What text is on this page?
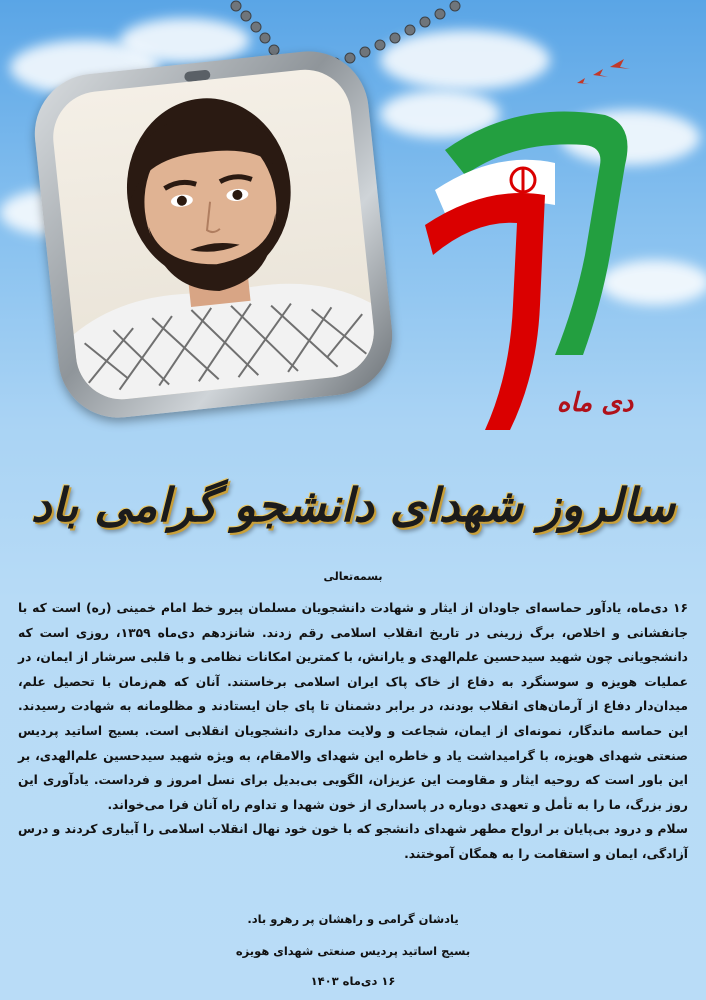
دی ماه
سالروز شهدای دانشجو گرامی باد
بسمه‌تعالی

۱۶ دی‌ماه، یادآور حماسه‌ای جاودان از ایثار و شهادت دانشجویان مسلمان پیرو خط امام خمینی (ره) است که با جانفشانی و اخلاص، برگ زرینی در تاریخ انقلاب اسلامی رقم زدند. شانزدهم دی‌ماه ۱۳۵۹، روزی است که دانشجویانی چون شهید سیدحسین علم‌الهدی و یارانش، با کمترین امکانات نظامی و با قلبی سرشار از ایمان، در عملیات هویزه و سوسنگرد به دفاع از خاک پاک ایران اسلامی برخاستند. آنان که هم‌زمان با تحصیل علم، میدان‌دار دفاع از آرمان‌های انقلاب بودند، در برابر دشمنان تا پای جان ایستادند و مظلومانه به شهادت رسیدند. این حماسه ماندگار، نمونه‌ای از ایمان، شجاعت و ولایت مداری دانشجویان انقلابی است. بسیج اساتید پردیس صنعتی شهدای هویزه، با گرامیداشت یاد و خاطره این شهدای والامقام، به ویژه شهید سیدحسین علم‌الهدی، بر این باور است که روحیه ایثار و مقاومت این عزیزان، الگویی بی‌بدیل برای نسل امروز و فرداست. یادآوری این روز بزرگ، ما را به تأمل و تعهدی دوباره در پاسداری از خون شهدا و تداوم راه آنان فرا می‌خواند.

سلام و درود بی‌پایان بر ارواح مطهر شهدای دانشجو که با خون خود نهال انقلاب اسلامی را آبیاری کردند و درس آزادگی، ایمان و استقامت را به همگان آموختند.

یادشان گرامی و راهشان پر رهرو باد.
بسیج اساتید پردیس صنعتی شهدای هویزه
۱۶ دی‌ماه ۱۴۰۳
